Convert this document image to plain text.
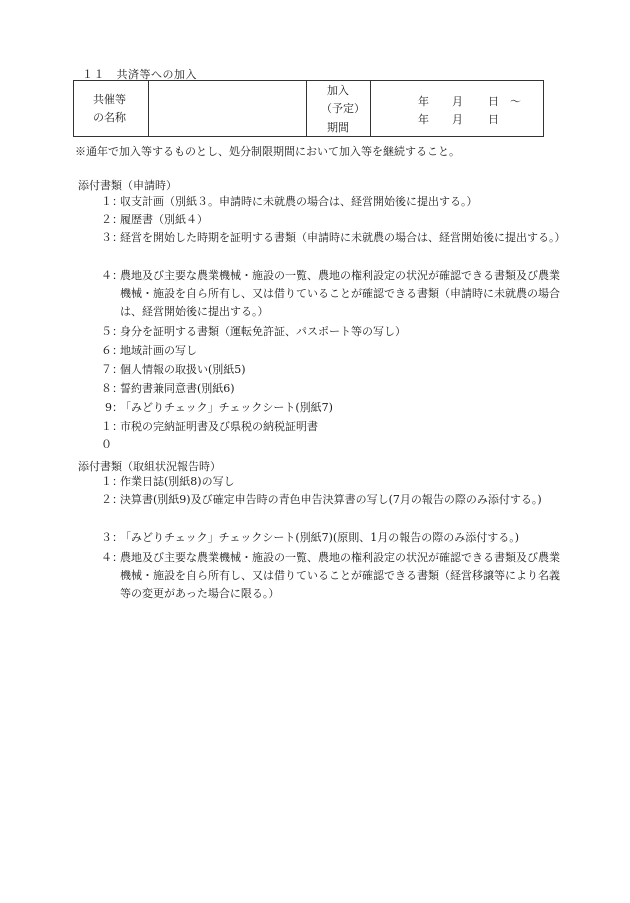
１１　共済等への加入
共催等
の名称
加入
（予定）
期間
年 月 日 〜
年 月 日
※通年で加入等するものとし、処分制限期間において加入等を継続すること。
添付書類（申請時）
１ ：
収支計画（別紙３。申請時に未就農の場合は、経営開始後に提出する。）
２ ：
履歴書（別紙４）
３ ：
経営を開始した時期を証明する書類（申請時に未就農の場合は、経営開始後に提出する。）
４ ：
農地及び主要な農業機械・施設の一覧、農地の権利設定の状況が確認できる書類及び農業機械・施設を自ら所有し、又は借りていることが確認できる書類（申請時に未就農の場合は、経営開始後に提出する。）
５ ：
身分を証明する書類（運転免許証、パスポート等の写し）
６ ：
地域計画の写し
７ ：
個人情報の取扱い(別紙5)
８ ：
誓約書兼同意書(別紙6)
9 ：
「みどりチェック」チェックシート(別紙7)
１０
：
市税の完納証明書及び県税の納税証明書
添付書類（取組状況報告時）
１ ：
作業日誌(別紙8)の写し
２ ：
決算書(別紙9)及び確定申告時の青色申告決算書の写し(7月の報告の際のみ添付する。)
３ ：
「みどりチェック」チェックシート(別紙7)(原則、1月の報告の際のみ添付する。)
４ ：
農地及び主要な農業機械・施設の一覧、農地の権利設定の状況が確認できる書類及び農業機械・施設を自ら所有し、又は借りていることが確認できる書類（経営移譲等により名義等の変更があった場合に限る。）
